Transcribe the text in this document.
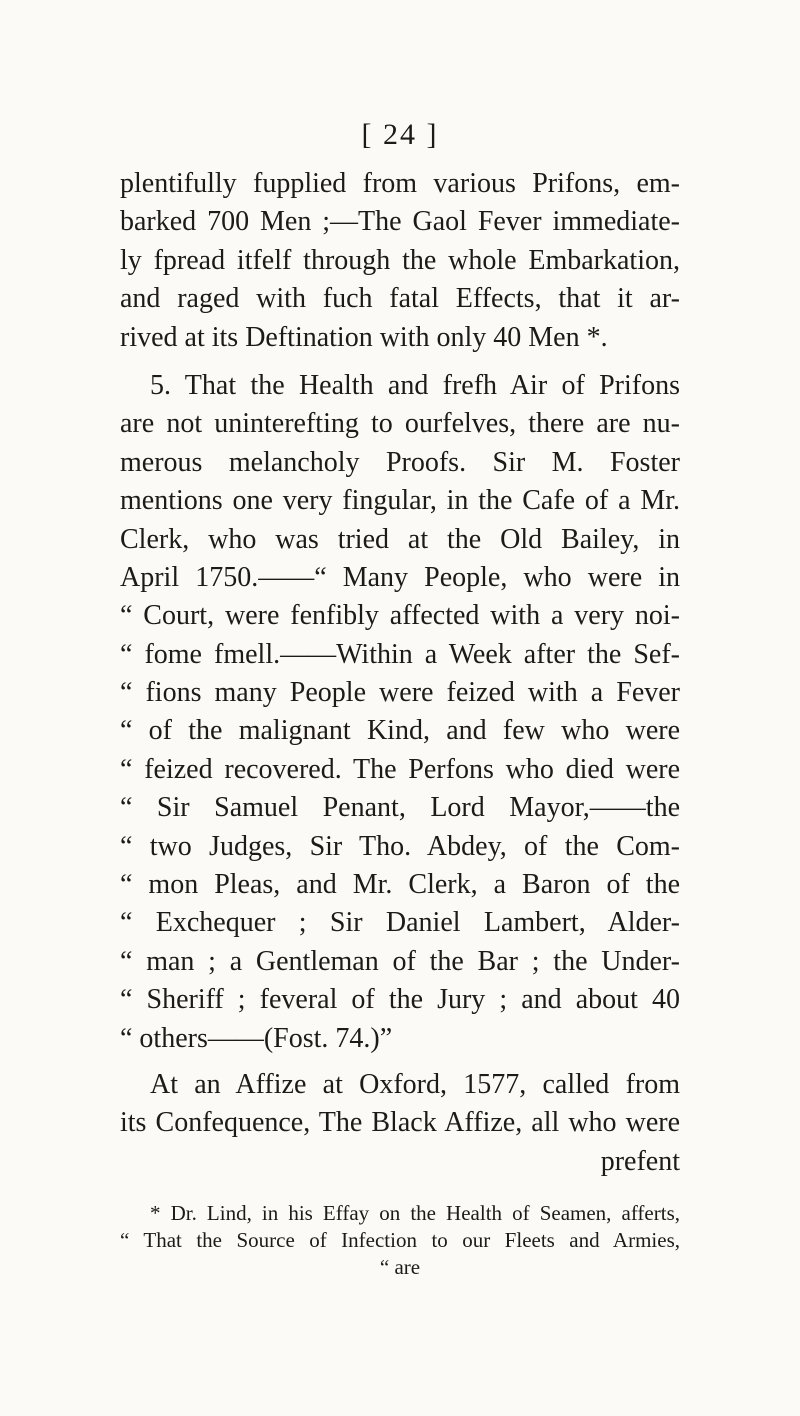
[ 24 ]
plentifully fupplied from various Prifons, em-
barked 700 Men ;—The Gaol Fever immediate-
ly fpread itfelf through the whole Embarkation,
and raged with fuch fatal Effects, that it ar-
rived at its Deftination with only 40 Men *.
5. That the Health and frefh Air of Prifons
are not uninterefting to ourfelves, there are nu-
merous melancholy Proofs. Sir M. Foster
mentions one very fingular, in the Cafe of a Mr.
Clerk, who was tried at the Old Bailey, in
April 1750.——“ Many People, who were in
“ Court, were fenfibly affected with a very noi-
“ fome fmell.——Within a Week after the Sef-
“ fions many People were feized with a Fever
“ of the malignant Kind, and few who were
“ feized recovered. The Perfons who died were
“ Sir Samuel Penant, Lord Mayor,——the
“ two Judges, Sir Tho. Abdey, of the Com-
“ mon Pleas, and Mr. Clerk, a Baron of the
“ Exchequer ; Sir Daniel Lambert, Alder-
“ man ; a Gentleman of the Bar ; the Under-
“ Sheriff ; feveral of the Jury ; and about 40
“ others——(Fost. 74.)”
At an Affize at Oxford, 1577, called from
its Confequence, The Black Affize, all who were
prefent
* Dr. Lind, in his Effay on the Health of Seamen, afferts,
“ That the Source of Infection to our Fleets and Armies,
“ are
